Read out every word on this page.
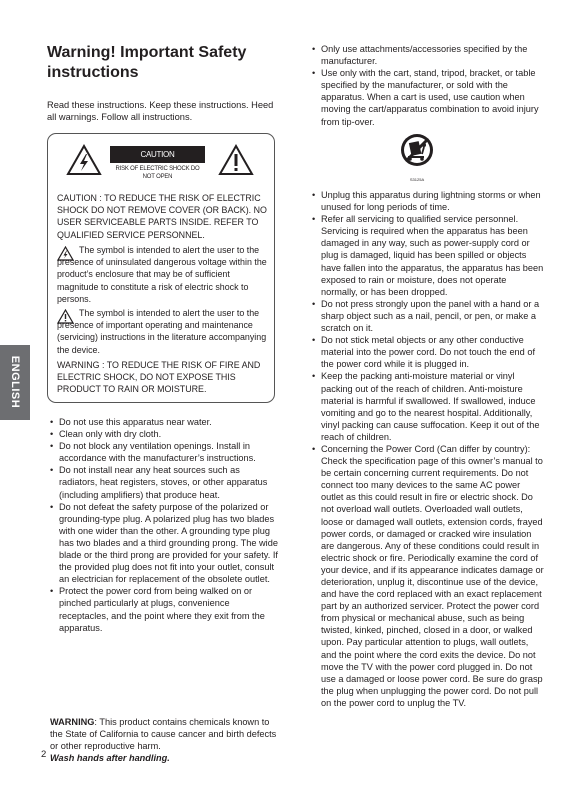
Warning! Important Safety instructions

Read these instructions. Keep these instructions. Heed all warnings. Follow all instructions.

CAUTION
RISK OF ELECTRIC SHOCK DO NOT OPEN

CAUTION : TO REDUCE THE RISK OF ELECTRIC SHOCK DO NOT REMOVE COVER (OR BACK). NO USER SERVICEABLE PARTS INSIDE. REFER TO QUALIFIED SERVICE PERSONNEL.

The symbol is intended to alert the user to the presence of uninsulated dangerous voltage within the product’s enclosure that may be of sufficient magnitude to constitute a risk of electric shock to persons.

The symbol is intended to alert the user to the presence of important operating and maintenance (servicing) instructions in the literature accompanying the device.

WARNING : TO REDUCE THE RISK OF FIRE AND ELECTRIC SHOCK, DO NOT EXPOSE THIS PRODUCT TO RAIN OR MOISTURE.

ENGLISH
• Do not use this apparatus near water.
• Clean only with dry cloth.
• Do not block any ventilation openings. Install in accordance with the manufacturer’s instructions.
• Do not install near any heat sources such as radiators, heat registers, stoves, or other apparatus (including amplifiers) that produce heat.
• Do not defeat the safety purpose of the polarized or grounding-type plug. A polarized plug has two blades with one wider than the other. A grounding type plug has two blades and a third grounding prong. The wide blade or the third prong are provided for your safety. If the provided plug does not fit into your outlet, consult an electrician for replacement of the obsolete outlet.
• Protect the power cord from being walked on or pinched particularly at plugs, convenience receptacles, and the point where they exit from the apparatus.

WARNING: This product contains chemicals known to the State of California to cause cancer and birth defects or other reproductive harm.
Wash hands after handling.

2
• Only use attachments/accessories specified by the manufacturer.
• Use only with the cart, stand, tripod, bracket, or table specified by the manufacturer, or sold with the apparatus. When a cart is used, use caution when moving the cart/apparatus combination to avoid injury from tip-over.
S3125A
• Unplug this apparatus during lightning storms or when unused for long periods of time.
• Refer all servicing to qualified service personnel. Servicing is required when the apparatus has been damaged in any way, such as power-supply cord or plug is damaged, liquid has been spilled or objects have fallen into the apparatus, the apparatus has been exposed to rain or moisture, does not operate normally, or has been dropped.
• Do not press strongly upon the panel with a hand or a sharp object such as a nail, pencil, or pen, or make a scratch on it.
• Do not stick metal objects or any other conductive material into the power cord. Do not touch the end of the power cord while it is plugged in.
• Keep the packing anti-moisture material or vinyl packing out of the reach of children. Anti-moisture material is harmful if swallowed. If swallowed, induce vomiting and go to the nearest hospital. Additionally, vinyl packing can cause suffocation. Keep it out of the reach of children.
• Concerning the Power Cord (Can differ by country): Check the specification page of this owner’s manual to be certain concerning current requirements. Do not connect too many devices to the same AC power outlet as this could result in fire or electric shock. Do not overload wall outlets. Overloaded wall outlets, loose or damaged wall outlets, extension cords, frayed power cords, or damaged or cracked wire insulation are dangerous. Any of these conditions could result in electric shock or fire. Periodically examine the cord of your device, and if its appearance indicates damage or deterioration, unplug it, discontinue use of the device, and have the cord replaced with an exact replacement part by an authorized servicer. Protect the power cord from physical or mechanical abuse, such as being twisted, kinked, pinched, closed in a door, or walked upon. Pay particular attention to plugs, wall outlets, and the point where the cord exits the device. Do not move the TV with the power cord plugged in. Do not use a damaged or loose power cord. Be sure do grasp the plug when unplugging the power cord. Do not pull on the power cord to unplug the TV.
